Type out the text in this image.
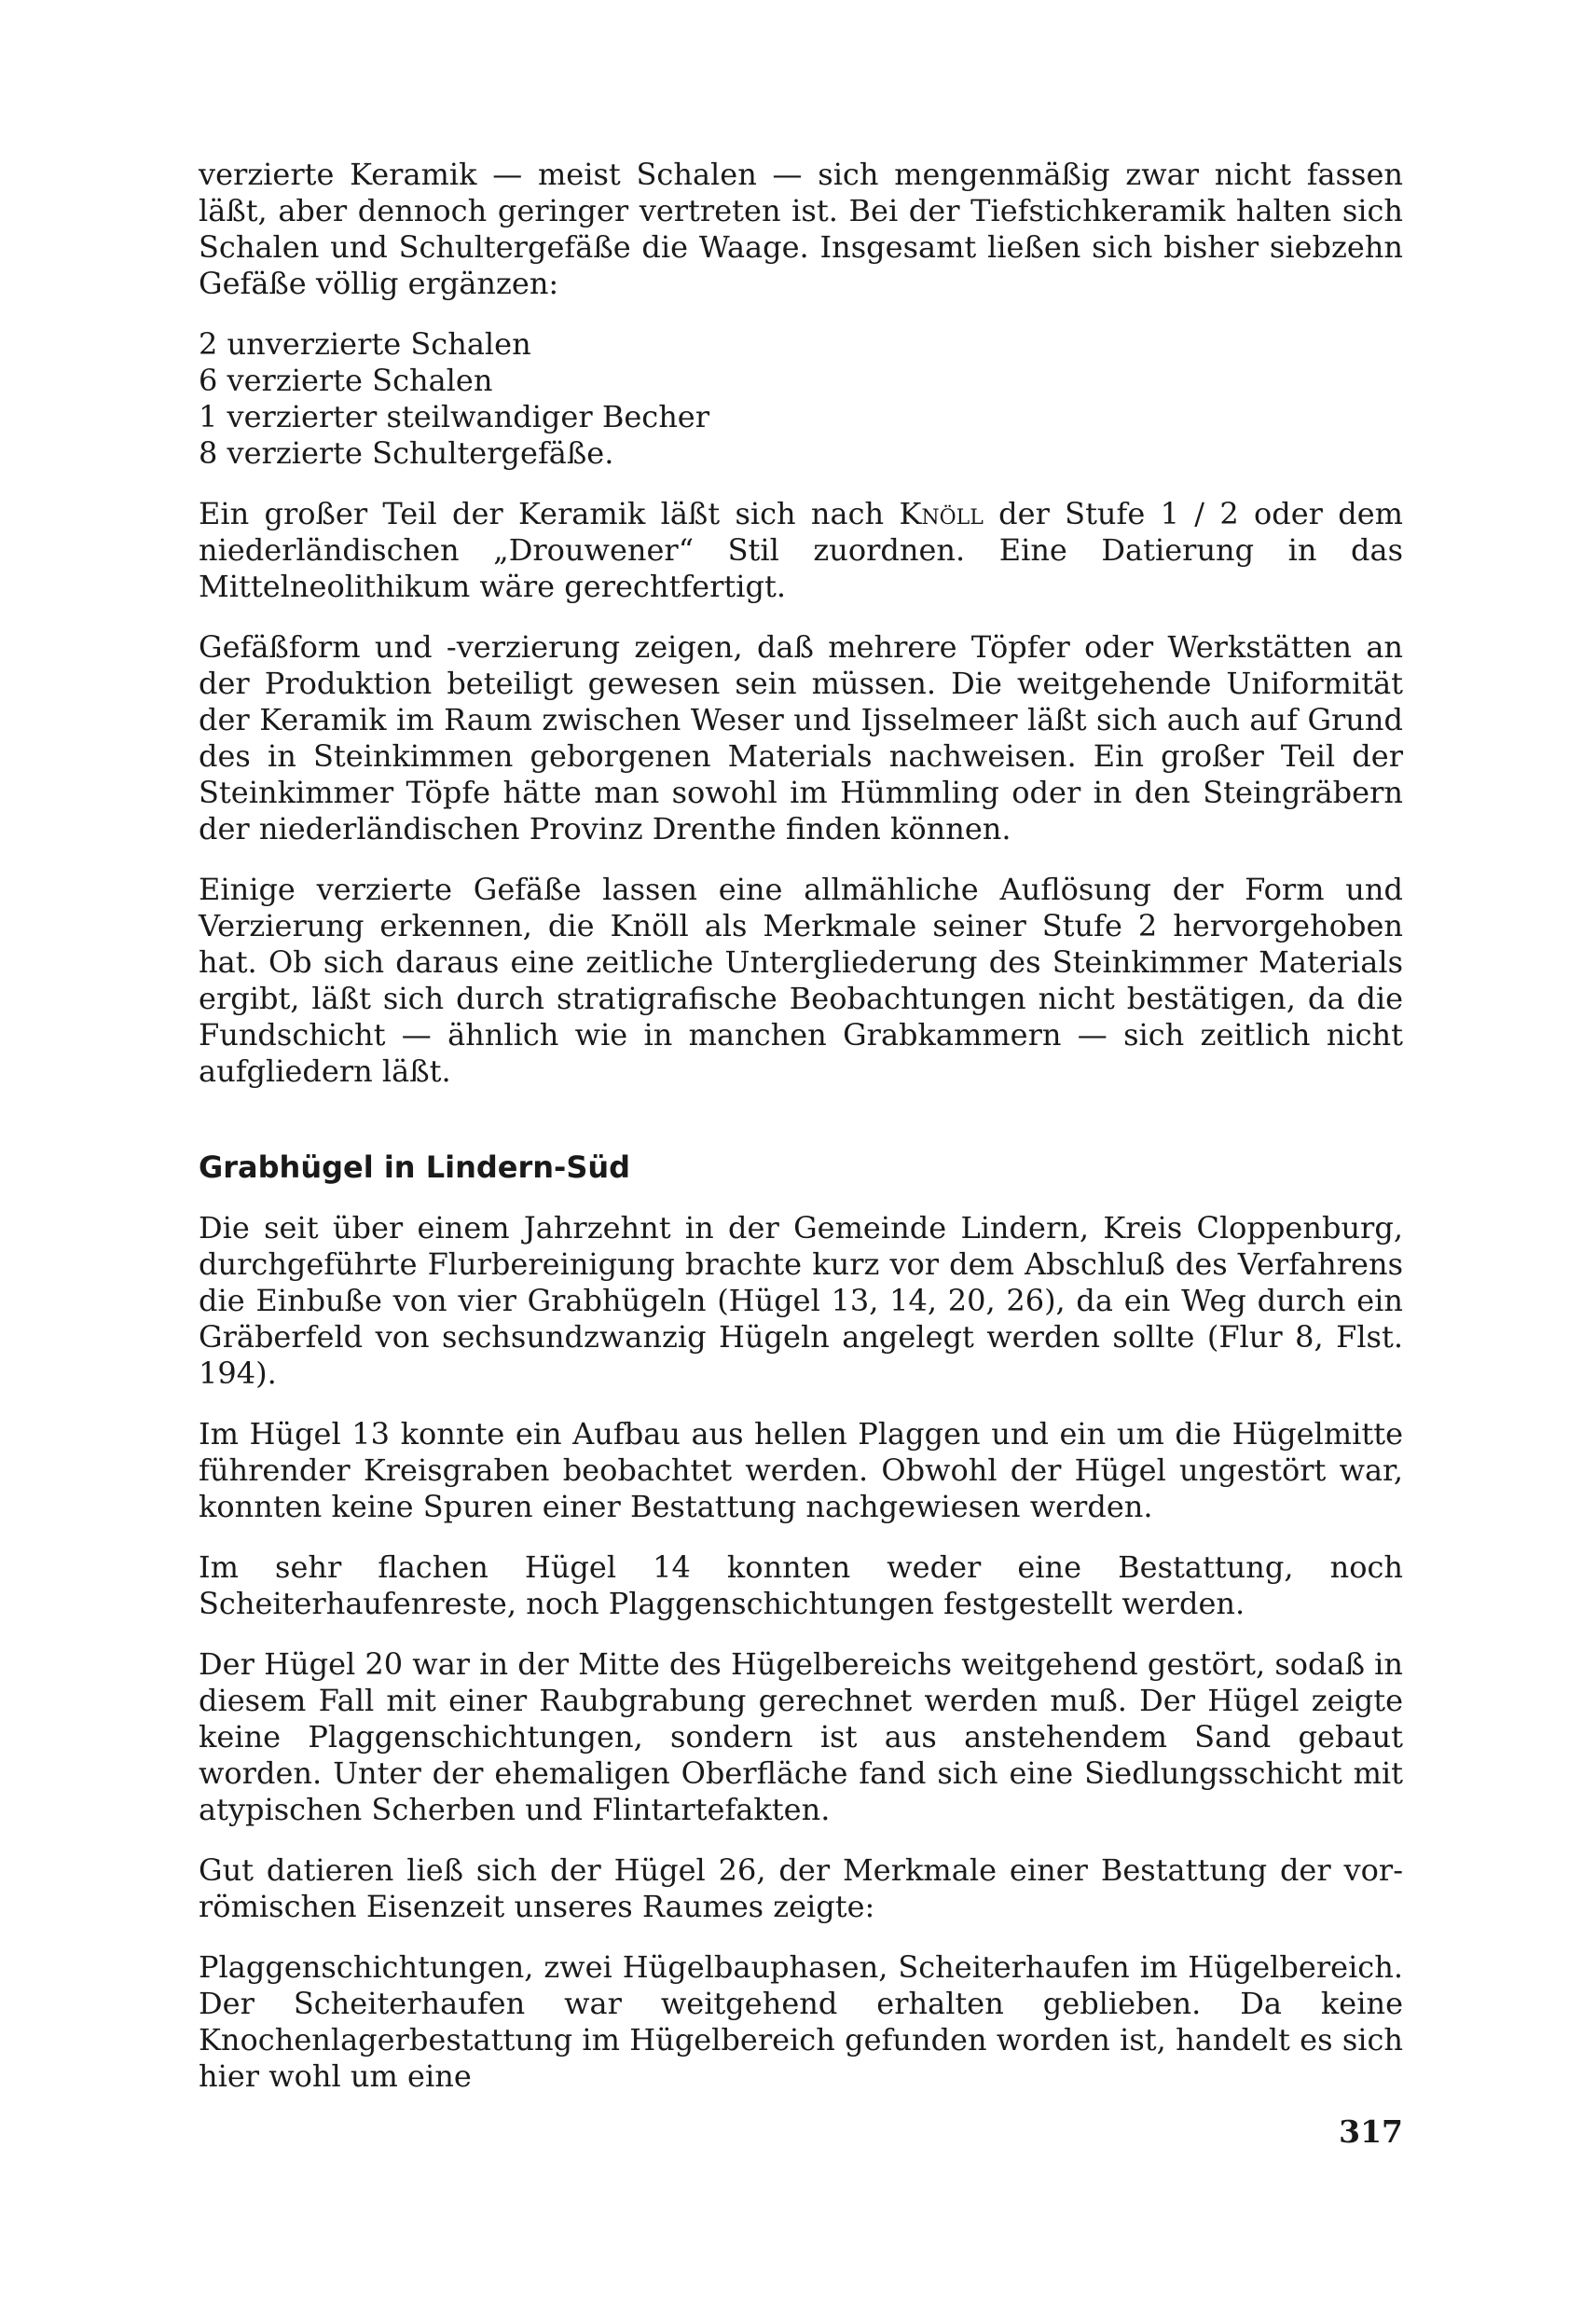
verzierte Keramik — meist Schalen — sich mengenmäßig zwar nicht fassen läßt, aber dennoch geringer vertreten ist. Bei der Tiefstichkeramik halten sich Schalen und Schultergefäße die Waage. Insgesamt ließen sich bisher siebzehn Gefäße völlig ergänzen:

2 unverzierte Schalen
6 verzierte Schalen
1 verzierter steilwandiger Becher
8 verzierte Schultergefäße.

Ein großer Teil der Keramik läßt sich nach Knöll der Stufe 1 / 2 oder dem niederländischen „Drouwener“ Stil zuordnen. Eine Datierung in das Mittelneolithikum wäre gerechtfertigt.

Gefäßform und -verzierung zeigen, daß mehrere Töpfer oder Werkstätten an der Produktion beteiligt gewesen sein müssen. Die weitgehende Uniformität der Keramik im Raum zwischen Weser und Ijsselmeer läßt sich auch auf Grund des in Steinkimmen geborgenen Materials nachweisen. Ein großer Teil der Steinkimmer Töpfe hätte man sowohl im Hümmling oder in den Steingräbern der niederländischen Provinz Drenthe finden können.

Einige verzierte Gefäße lassen eine allmähliche Auflösung der Form und Verzierung erkennen, die Knöll als Merkmale seiner Stufe 2 hervorgehoben hat. Ob sich daraus eine zeitliche Untergliederung des Steinkimmer Materials ergibt, läßt sich durch stratigrafische Beobachtungen nicht bestätigen, da die Fundschicht — ähnlich wie in manchen Grabkammern — sich zeitlich nicht aufgliedern läßt.

Grabhügel in Lindern-Süd

Die seit über einem Jahrzehnt in der Gemeinde Lindern, Kreis Cloppenburg, durchgeführte Flurbereinigung brachte kurz vor dem Abschluß des Verfahrens die Einbuße von vier Grabhügeln (Hügel 13, 14, 20, 26), da ein Weg durch ein Gräberfeld von sechsundzwanzig Hügeln angelegt werden sollte (Flur 8, Flst. 194).

Im Hügel 13 konnte ein Aufbau aus hellen Plaggen und ein um die Hügelmitte führender Kreisgraben beobachtet werden. Obwohl der Hügel ungestört war, konnten keine Spuren einer Bestattung nachgewiesen werden.

Im sehr flachen Hügel 14 konnten weder eine Bestattung, noch Scheiterhaufenreste, noch Plaggenschichtungen festgestellt werden.

Der Hügel 20 war in der Mitte des Hügelbereichs weitgehend gestört, sodaß in diesem Fall mit einer Raubgrabung gerechnet werden muß. Der Hügel zeigte keine Plaggenschichtungen, sondern ist aus anstehendem Sand gebaut worden. Unter der ehemaligen Oberfläche fand sich eine Siedlungsschicht mit atypischen Scherben und Flintartefakten.

Gut datieren ließ sich der Hügel 26, der Merkmale einer Bestattung der vorrömischen Eisenzeit unseres Raumes zeigte:

Plaggenschichtungen, zwei Hügelbauphasen, Scheiterhaufen im Hügelbereich. Der Scheiterhaufen war weitgehend erhalten geblieben. Da keine Knochenlagerbestattung im Hügelbereich gefunden worden ist, handelt es sich hier wohl um eine

317
